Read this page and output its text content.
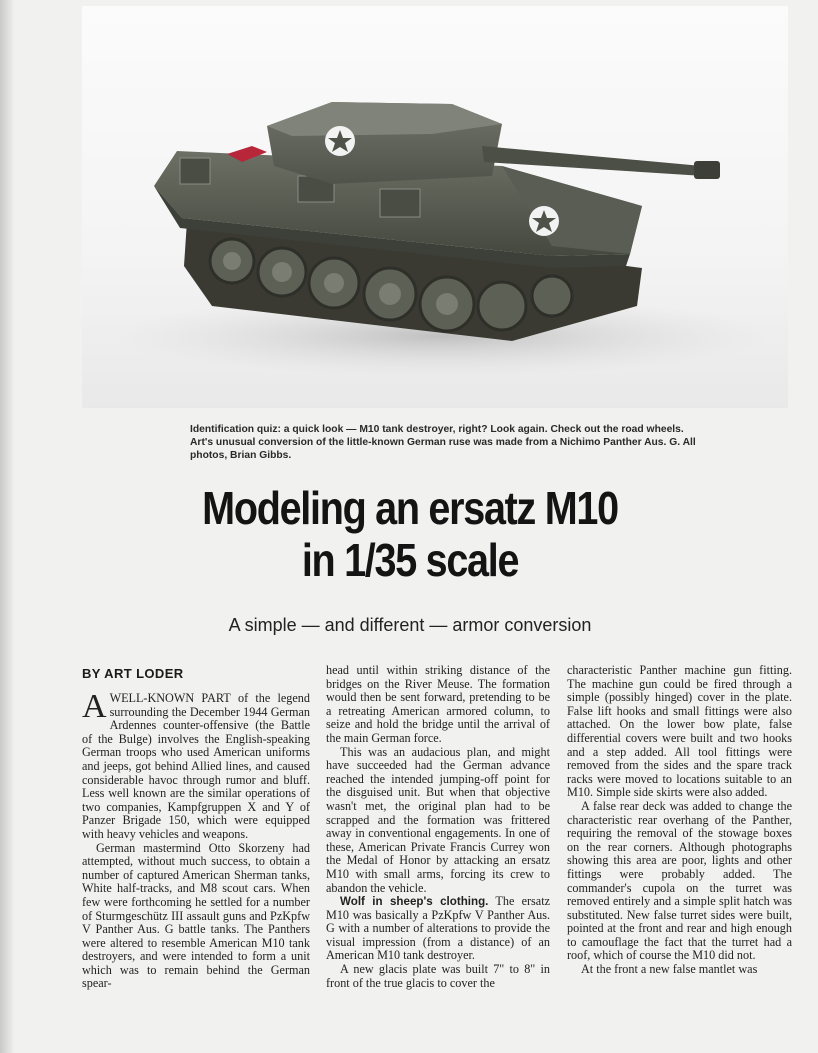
Identification quiz: a quick look — M10 tank destroyer, right? Look again. Check out the road wheels. Art's unusual conversion of the little-known German ruse was made from a Nichimo Panther Aus. G. All photos, Brian Gibbs.
Modeling an ersatz M10
in 1/35 scale
A simple — and different — armor conversion
BY ART LODER

AWELL-KNOWN PART of the legend surrounding the December 1944 German Ardennes counter-offensive (the Battle of the Bulge) involves the English-speaking German troops who used American uniforms and jeeps, got behind Allied lines, and caused considerable havoc through rumor and bluff. Less well known are the similar operations of two companies, Kampfgruppen X and Y of Panzer Brigade 150, which were equipped with heavy vehicles and weapons.

German mastermind Otto Skorzeny had attempted, without much success, to obtain a number of captured American Sherman tanks, White half-tracks, and M8 scout cars. When few were forthcoming he settled for a number of Sturmgeschütz III assault guns and PzKpfw V Panther Aus. G battle tanks. The Panthers were altered to resemble American M10 tank destroyers, and were intended to form a unit which was to remain behind the German spear-

head until within striking distance of the bridges on the River Meuse. The formation would then be sent forward, pretending to be a retreating American armored column, to seize and hold the bridge until the arrival of the main German force.

This was an audacious plan, and might have succeeded had the German advance reached the intended jumping-off point for the disguised unit. But when that objective wasn't met, the original plan had to be scrapped and the formation was frittered away in conventional engagements. In one of these, American Private Francis Currey won the Medal of Honor by attacking an ersatz M10 with small arms, forcing its crew to abandon the vehicle.

Wolf in sheep's clothing. The ersatz M10 was basically a PzKpfw V Panther Aus. G with a number of alterations to provide the visual impression (from a distance) of an American M10 tank destroyer.

A new glacis plate was built 7" to 8" in front of the true glacis to cover the

characteristic Panther machine gun fitting. The machine gun could be fired through a simple (possibly hinged) cover in the plate. False lift hooks and small fittings were also attached. On the lower bow plate, false differential covers were built and two hooks and a step added. All tool fittings were removed from the sides and the spare track racks were moved to locations suitable to an M10. Simple side skirts were also added.

A false rear deck was added to change the characteristic rear overhang of the Panther, requiring the removal of the stowage boxes on the rear corners. Although photographs showing this area are poor, lights and other fittings were probably added. The commander's cupola on the turret was removed entirely and a simple split hatch was substituted. New false turret sides were built, pointed at the front and rear and high enough to camouflage the fact that the turret had a roof, which of course the M10 did not.

At the front a new false mantlet was
